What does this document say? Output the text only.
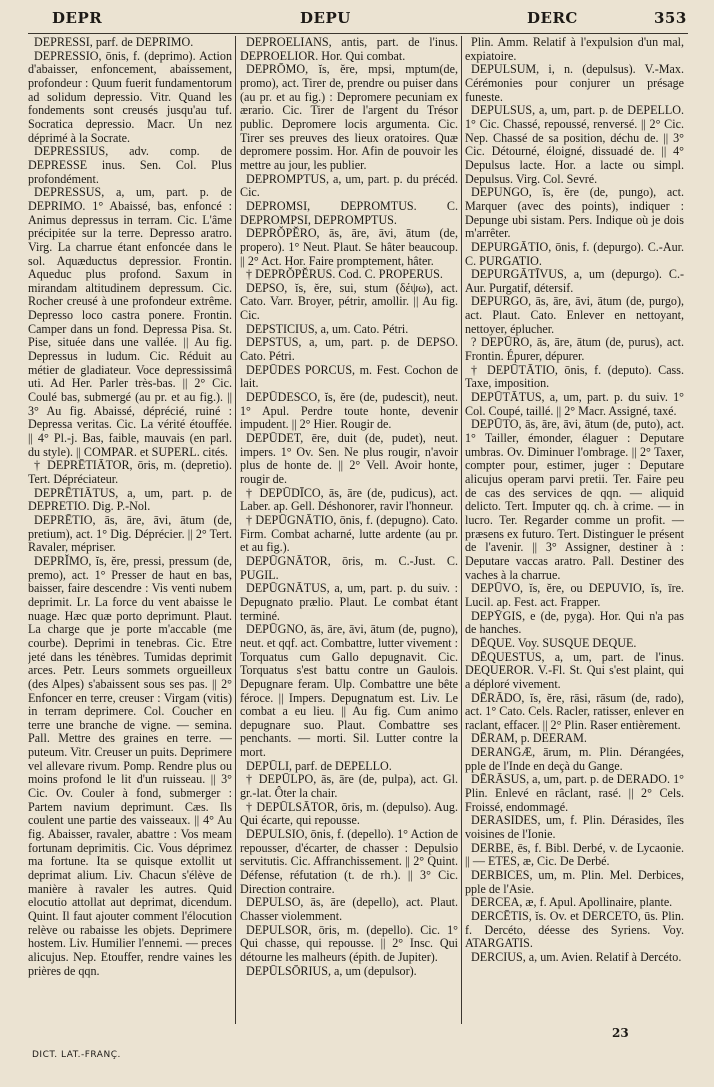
DEPR	DEPU	DERC	353

DEPRESSI, parf. de DEPRIMO.

DEPRESSIO, ōnis, f. (deprimo). Action d'abaisser, enfoncement, abaissement, profondeur : Quum fuerit fundamentorum ad solidum depressio. Vitr. Quand les fondements sont creusés jusqu'au tuf. Socratica depressio. Macr. Un nez déprimé à la Socrate.

DEPRESSIUS, adv. comp. de DEPRESSE inus. Sen. Col. Plus profondément.

DEPRESSUS, a, um, part. p. de DEPRIMO. 1° Abaissé, bas, enfoncé : Animus depressus in terram. Cic. L'âme précipitée sur la terre. Depresso aratro. Virg. La charrue étant enfoncée dans le sol. Aquæductus depressior. Frontin. Aqueduc plus profond. Saxum in mirandam altitudinem depressum. Cic. Rocher creusé à une profondeur extrême. Depresso loco castra ponere. Frontin. Camper dans un fond. Depressa Pisa. St. Pise, située dans une vallée. || Au fig. Depressus in ludum. Cic. Réduit au métier de gladiateur. Voce depressissimâ uti. Ad Her. Parler très-bas. || 2° Cic. Coulé bas, submergé (au pr. et au fig.). || 3° Au fig. Abaissé, déprécié, ruiné : Depressa veritas. Cic. La vérité étouffée. || 4° Pl.-j. Bas, faible, mauvais (en parl. du style). || COMPAR. et SUPERL. cités.

† DEPRĒTIĀTOR, ōris, m. (depretio). Tert. Dépréciateur.

DEPRĒTIĀTUS, a, um, part. p. de DEPRETIO. Dig. P.-Nol.

DEPRĒTIO, ās, āre, āvi, ātum (de, pretium), act. 1° Dig. Déprécier. || 2° Tert. Ravaler, mépriser.

DEPRĬMO, ĭs, ĕre, pressi, pressum (de, premo), act. 1° Presser de haut en bas, baisser, faire descendre : Vis venti nubem deprimit. Lr. La force du vent abaisse le nuage. Hæc quæ porto deprimunt. Plaut. La charge que je porte m'accable (me courbe). Deprimi in tenebras. Cic. Etre jeté dans les ténèbres. Tumidas deprimit arces. Petr. Leurs sommets orgueilleux (des Alpes) s'abaissent sous ses pas. || 2° Enfoncer en terre, creuser : Virgam (vitis) in terram deprimere. Col. Coucher en terre une branche de vigne. — semina. Pall. Mettre des graines en terre. — puteum. Vitr. Creuser un puits. Deprimere vel allevare rivum. Pomp. Rendre plus ou moins profond le lit d'un ruisseau. || 3° Cic. Ov. Couler à fond, submerger : Partem navium deprimunt. Cæs. Ils coulent une partie des vaisseaux. || 4° Au fig. Abaisser, ravaler, abattre : Vos meam fortunam deprimitis. Cic. Vous déprimez ma fortune. Ita se quisque extollit ut deprimat alium. Liv. Chacun s'élève de manière à ravaler les autres. Quid elocutio attollat aut deprimat, dicendum. Quint. Il faut ajouter comment l'élocution relève ou rabaisse les objets. Deprimere hostem. Liv. Humilier l'ennemi. — preces alicujus. Nep. Etouffer, rendre vaines les prières de qqn.

DEPROELIANS, antis, part. de l'inus. DEPROELIOR. Hor. Qui combat.

DEPRŌMO, ĭs, ĕre, mpsi, mptum(de, promo), act. Tirer de, prendre ou puiser dans (au pr. et au fig.) : Depromere pecuniam ex ærario. Cic. Tirer de l'argent du Trésor public. Depromere locis argumenta. Cic. Tirer ses preuves des lieux oratoires. Quæ depromere possim. Hor. Afin de pouvoir les mettre au jour, les publier.

DEPROMPTUS, a, um, part. p. du précéd. Cic.

DEPROMSI, DEPROMTUS. C. DEPROMPSI, DEPROMPTUS.

DEPRŎPĔRO, ās, āre, āvi, ātum (de, propero). 1° Neut. Plaut. Se hâter beaucoup. || 2° Act. Hor. Faire promptement, hâter.

† DEPRŎPĔRUS. Cod. C. PROPERUS.

DEPSO, ĭs, ĕre, sui, stum (δέψω), act. Cato. Varr. Broyer, pétrir, amollir. || Au fig. Cic.

DEPSTICIUS, a, um. Cato. Pétri.

DEPSTUS, a, um, part. p. de DEPSO. Cato. Pétri.

DEPŪDES PORCUS, m. Fest. Cochon de lait.

DEPŪDESCO, ĭs, ĕre (de, pudescit), neut. 1° Apul. Perdre toute honte, devenir impudent. || 2° Hier. Rougir de.

DEPŪDET, ēre, duit (de, pudet), neut. impers. 1° Ov. Sen. Ne plus rougir, n'avoir plus de honte de. || 2° Vell. Avoir honte, rougir de.

† DEPŪDĪCO, ās, āre (de, pudicus), act. Laber. ap. Gell. Déshonorer, ravir l'honneur.

† DEPŪGNĀTIO, ōnis, f. (depugno). Cato. Firm. Combat acharné, lutte ardente (au pr. et au fig.).

DEPŪGNĀTOR, ōris, m. C.-Just. C. PUGIL.

DEPŪGNĀTUS, a, um, part. p. du suiv. : Depugnato prælio. Plaut. Le combat étant terminé.

DEPŪGNO, ās, āre, āvi, ātum (de, pugno), neut. et qqf. act. Combattre, lutter vivement : Torquatus cum Gallo depugnavit. Cic. Torquatus s'est battu contre un Gaulois. Depugnare feram. Ulp. Combattre une bête féroce. || Impers. Depugnatum est. Liv. Le combat a eu lieu. || Au fig. Cum animo depugnare suo. Plaut. Combattre ses penchants. — morti. Sil. Lutter contre la mort.

DEPŪLI, parf. de DEPELLO.

† DEPŪLPO, ās, āre (de, pulpa), act. Gl. gr.-lat. Ôter la chair.

† DEPŪLSĀTOR, ōris, m. (depulso). Aug. Qui écarte, qui repousse.

DEPULSIO, ōnis, f. (depello). 1° Action de repousser, d'écarter, de chasser : Depulsio servitutis. Cic. Affranchissement. || 2° Quint. Défense, réfutation (t. de rh.). || 3° Cic. Direction contraire.

DEPULSO, ās, āre (depello), act. Plaut. Chasser violemment.

DEPULSOR, ōris, m. (depello). Cic. 1° Qui chasse, qui repousse. || 2° Insc. Qui détourne les malheurs (épith. de Jupiter).

DEPŪLSŌRIUS, a, um (depulsor).

Plin. Amm. Relatif à l'expulsion d'un mal, expiatoire.

DEPULSUM, i, n. (depulsus). V.-Max. Cérémonies pour conjurer un présage funeste.

DEPULSUS, a, um, part. p. de DEPELLO. 1° Cic. Chassé, repoussé, renversé. || 2° Cic. Nep. Chassé de sa position, déchu de. || 3° Cic. Détourné, éloigné, dissuadé de. || 4° Depulsus lacte. Hor. a lacte ou simpl. Depulsus. Virg. Col. Sevré.

DEPUNGO, ĭs, ĕre (de, pungo), act. Marquer (avec des points), indiquer : Depunge ubi sistam. Pers. Indique où je dois m'arrêter.

DEPURGĀTIO, ōnis, f. (depurgo). C.-Aur. C. PURGATIO.

DEPURGĀTĪVUS, a, um (depurgo). C.-Aur. Purgatif, détersif.

DEPURGO, ās, āre, āvi, ātum (de, purgo), act. Plaut. Cato. Enlever en nettoyant, nettoyer, éplucher.

? DEPŪRO, ās, āre, ātum (de, purus), act. Frontin. Épurer, dépurer.

† DEPŪTĀTIO, ōnis, f. (deputo). Cass. Taxe, imposition.

DEPŪTĀTUS, a, um, part. p. du suiv. 1° Col. Coupé, taillé. || 2° Macr. Assigné, taxé.

DEPŪTO, ās, āre, āvi, ātum (de, puto), act. 1° Tailler, émonder, élaguer : Deputare umbras. Ov. Diminuer l'ombrage. || 2° Taxer, compter pour, estimer, juger : Deputare alicujus operam parvi pretii. Ter. Faire peu de cas des services de qqn. — aliquid delicto. Tert. Imputer qq. ch. à crime. — in lucro. Ter. Regarder comme un profit. — præsens ex futuro. Tert. Distinguer le présent de l'avenir. || 3° Assigner, destiner à : Deputare vaccas aratro. Pall. Destiner des vaches à la charrue.

DEPŪVO, ĭs, ĕre, ou DEPUVIO, ĭs, īre. Lucil. ap. Fest. act. Frapper.

DEPȲGIS, e (de, pyga). Hor. Qui n'a pas de hanches.

DĒQUE. Voy. SUSQUE DEQUE.

DĒQUESTUS, a, um, part. de l'inus. DEQUEROR. V.-Fl. St. Qui s'est plaint, qui a déploré vivement.

DĒRĀDO, ĭs, ĕre, rāsi, rāsum (de, rado), act. 1° Cato. Cels. Racler, ratisser, enlever en raclant, effacer. || 2° Plin. Raser entièrement.

DĒRAM, p. DEERAM.

DERANGÆ, ārum, m. Plin. Dérangées, pple de l'Inde en deçà du Gange.

DĒRĀSUS, a, um, part. p. de DERADO. 1° Plin. Enlevé en râclant, rasé. || 2° Cels. Froissé, endommagé.

DERASIDES, um, f. Plin. Dérasides, îles voisines de l'Ionie.

DERBE, ēs, f. Bibl. Derbé, v. de Lycaonie. || — ETES, æ, Cic. De Derbé.

DERBICES, um, m. Plin. Mel. Derbices, pple de l'Asie.

DERCEA, æ, f. Apul. Apollinaire, plante.

DERCĒTIS, ĭs. Ov. et DERCETO, ūs. Plin. f. Dercéto, déesse des Syriens. Voy. ATARGATIS.

DERCIUS, a, um. Avien. Relatif à Dercéto.

DICT. LAT.-FRANÇ.
23
